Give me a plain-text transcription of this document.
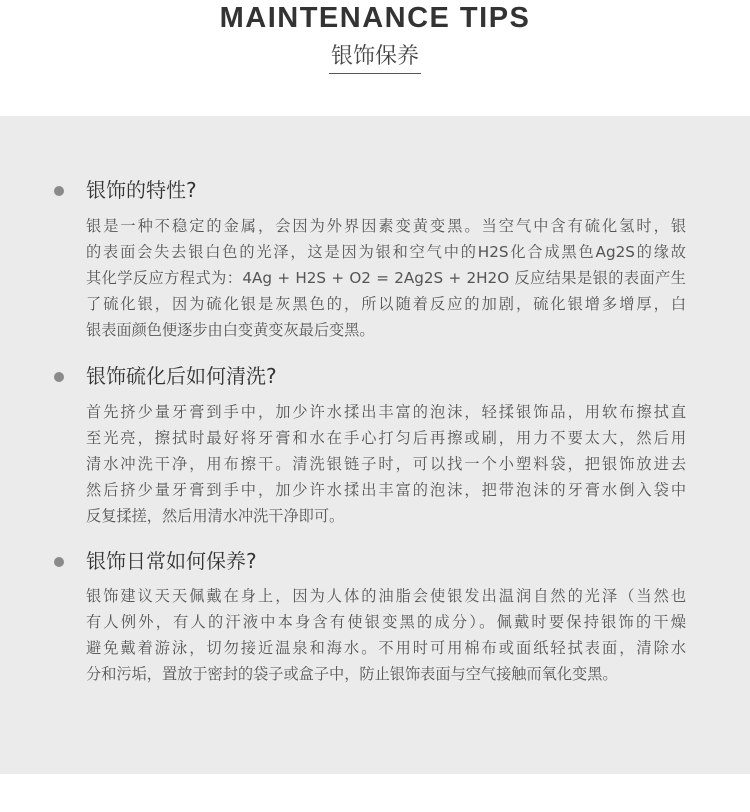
MAINTENANCE TIPS
银饰保养
银饰的特性?
银是一种不稳定的金属，会因为外界因素变黄变黑。当空气中含有硫化氢时，银
的表面会失去银白色的光泽，这是因为银和空气中的H2S化合成黑色Ag2S的缘故
其化学反应方程式为：4Ag + H2S + O2 = 2Ag2S + 2H2O 反应结果是银的表面产生
了硫化银，因为硫化银是灰黑色的，所以随着反应的加剧，硫化银增多增厚，白
银表面颜色便逐步由白变黄变灰最后变黑。
银饰硫化后如何清洗?
首先挤少量牙膏到手中，加少许水揉出丰富的泡沫，轻揉银饰品，用软布擦拭直
至光亮，擦拭时最好将牙膏和水在手心打匀后再擦或刷，用力不要太大，然后用
清水冲洗干净，用布擦干。清洗银链子时，可以找一个小塑料袋，把银饰放进去
然后挤少量牙膏到手中，加少许水揉出丰富的泡沫，把带泡沫的牙膏水倒入袋中
反复揉搓，然后用清水冲洗干净即可。
银饰日常如何保养?
银饰建议天天佩戴在身上，因为人体的油脂会使银发出温润自然的光泽（当然也
有人例外，有人的汗液中本身含有使银变黑的成分）。佩戴时要保持银饰的干燥
避免戴着游泳，切勿接近温泉和海水。不用时可用棉布或面纸轻拭表面，清除水
分和污垢，置放于密封的袋子或盒子中，防止银饰表面与空气接触而氧化变黑。
